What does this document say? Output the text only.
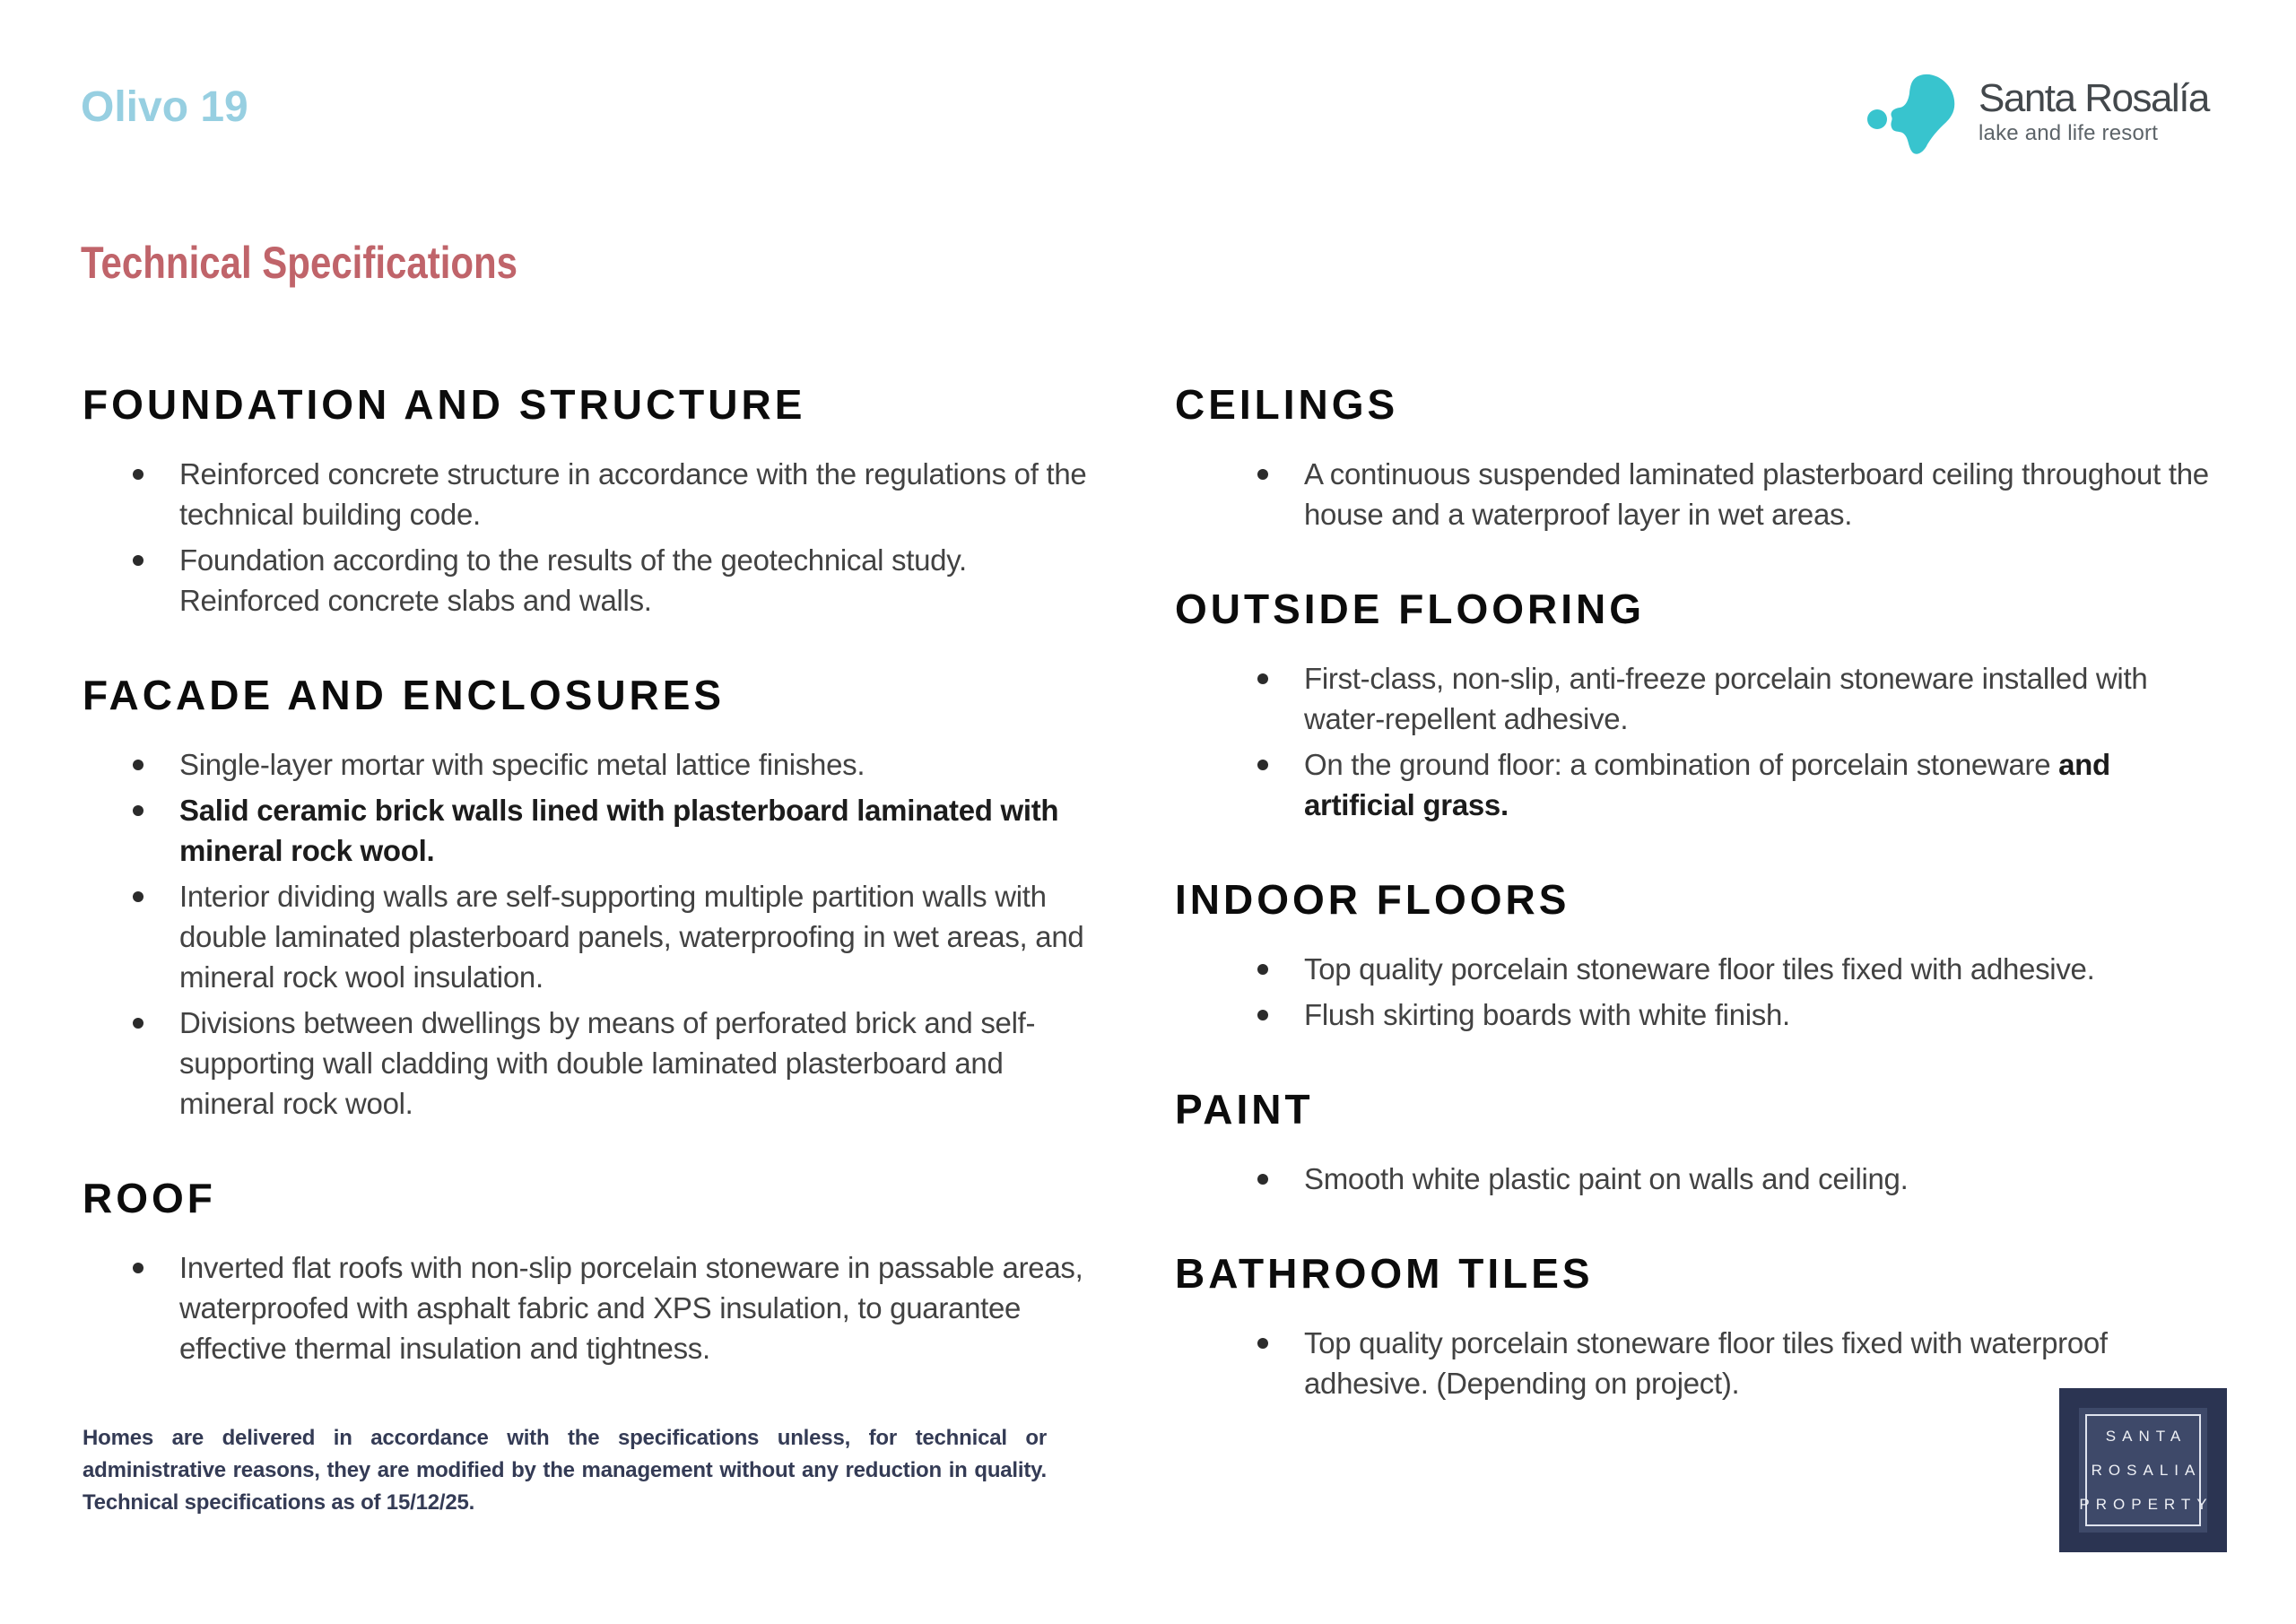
Olivo 19	Santa Rosalía
lake and life resort
Technical Specifications
FOUNDATION AND STRUCTURE
Reinforced concrete structure in accordance with the regulations of the technical building code.
Foundation according to the results of the geotechnical study. Reinforced concrete slabs and walls.
FACADE AND ENCLOSURES
Single-layer mortar with specific metal lattice finishes.
Salid ceramic brick walls lined with plasterboard laminated with mineral rock wool.
Interior dividing walls are self-supporting multiple partition walls with double laminated plasterboard panels, waterproofing in wet areas, and mineral rock wool insulation.
Divisions between dwellings by means of perforated brick and self-supporting wall cladding with double laminated plasterboard and mineral rock wool.
ROOF
Inverted flat roofs with non-slip porcelain stoneware in passable areas, waterproofed with asphalt fabric and XPS insulation, to guarantee effective thermal insulation and tightness.
CEILINGS
A continuous suspended laminated plasterboard ceiling throughout the house and a waterproof layer in wet areas.
OUTSIDE FLOORING
First-class, non-slip, anti-freeze porcelain stoneware installed with water-repellent adhesive.
On the ground floor: a combination of porcelain stoneware and artificial grass.
INDOOR FLOORS
Top quality porcelain stoneware floor tiles fixed with adhesive.
Flush skirting boards with white finish.
PAINT
Smooth white plastic paint on walls and ceiling.
BATHROOM TILES
Top quality porcelain stoneware floor tiles fixed with waterproof adhesive. (Depending on project).
Homes are delivered in accordance with the specifications unless, for technical or administrative reasons, they are modified by the management without any reduction in quality. Technical specifications as of 15/12/25.
SANTA
ROSALIA
PROPERTY
